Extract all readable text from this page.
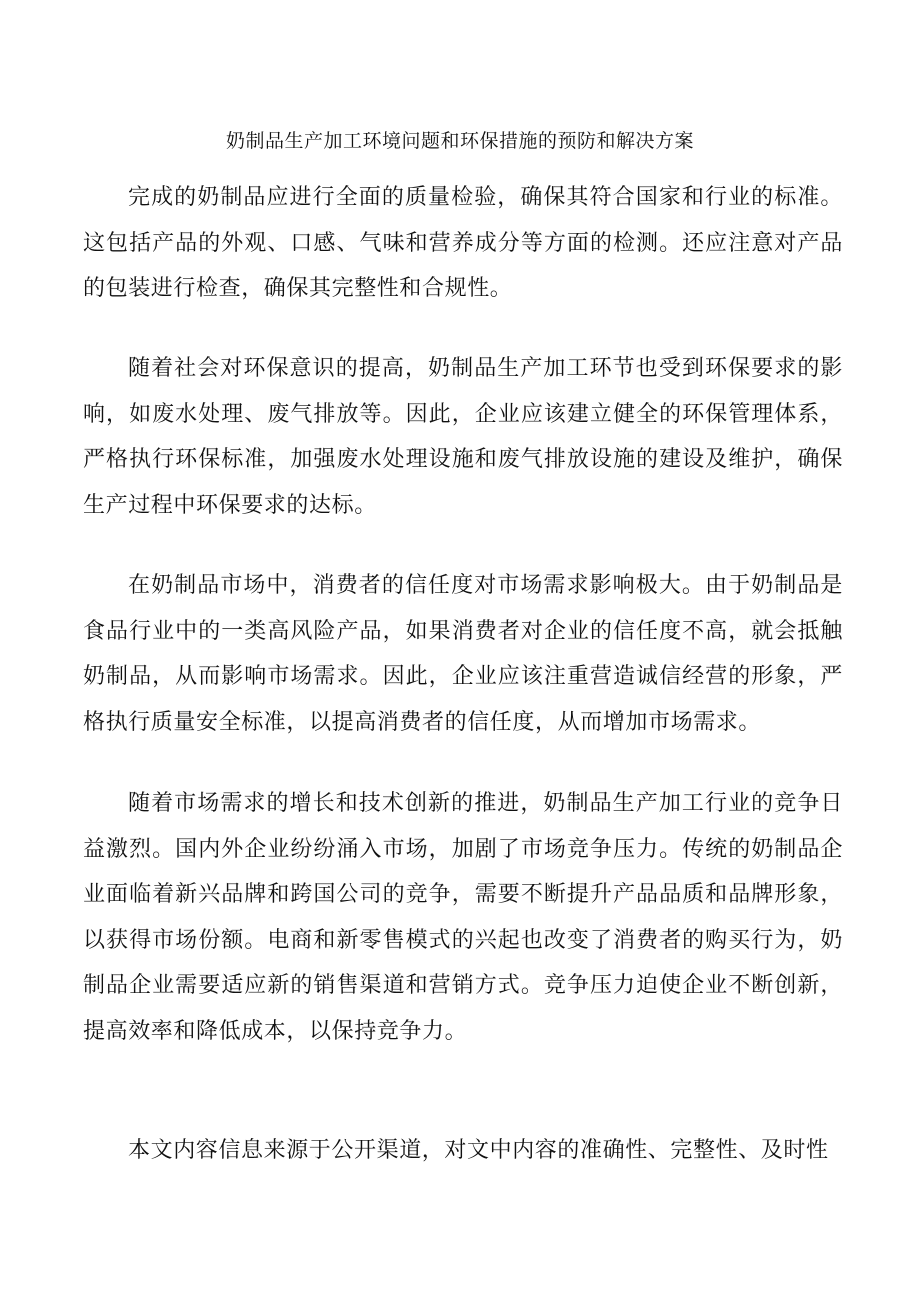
奶制品生产加工环境问题和环保措施的预防和解决方案

完成的奶制品应进行全面的质量检验，确保其符合国家和行业的标准。这包括产品的外观、口感、气味和营养成分等方面的检测。还应注意对产品的包装进行检查，确保其完整性和合规性。

随着社会对环保意识的提高，奶制品生产加工环节也受到环保要求的影响，如废水处理、废气排放等。因此，企业应该建立健全的环保管理体系，严格执行环保标准，加强废水处理设施和废气排放设施的建设及维护，确保生产过程中环保要求的达标。

在奶制品市场中，消费者的信任度对市场需求影响极大。由于奶制品是食品行业中的一类高风险产品，如果消费者对企业的信任度不高，就会抵触奶制品，从而影响市场需求。因此，企业应该注重营造诚信经营的形象，严格执行质量安全标准，以提高消费者的信任度，从而增加市场需求。

随着市场需求的增长和技术创新的推进，奶制品生产加工行业的竞争日益激烈。国内外企业纷纷涌入市场，加剧了市场竞争压力。传统的奶制品企业面临着新兴品牌和跨国公司的竞争，需要不断提升产品品质和品牌形象，以获得市场份额。电商和新零售模式的兴起也改变了消费者的购买行为，奶制品企业需要适应新的销售渠道和营销方式。竞争压力迫使企业不断创新，提高效率和降低成本，以保持竞争力。

本文内容信息来源于公开渠道，对文中内容的准确性、完整性、及时性
